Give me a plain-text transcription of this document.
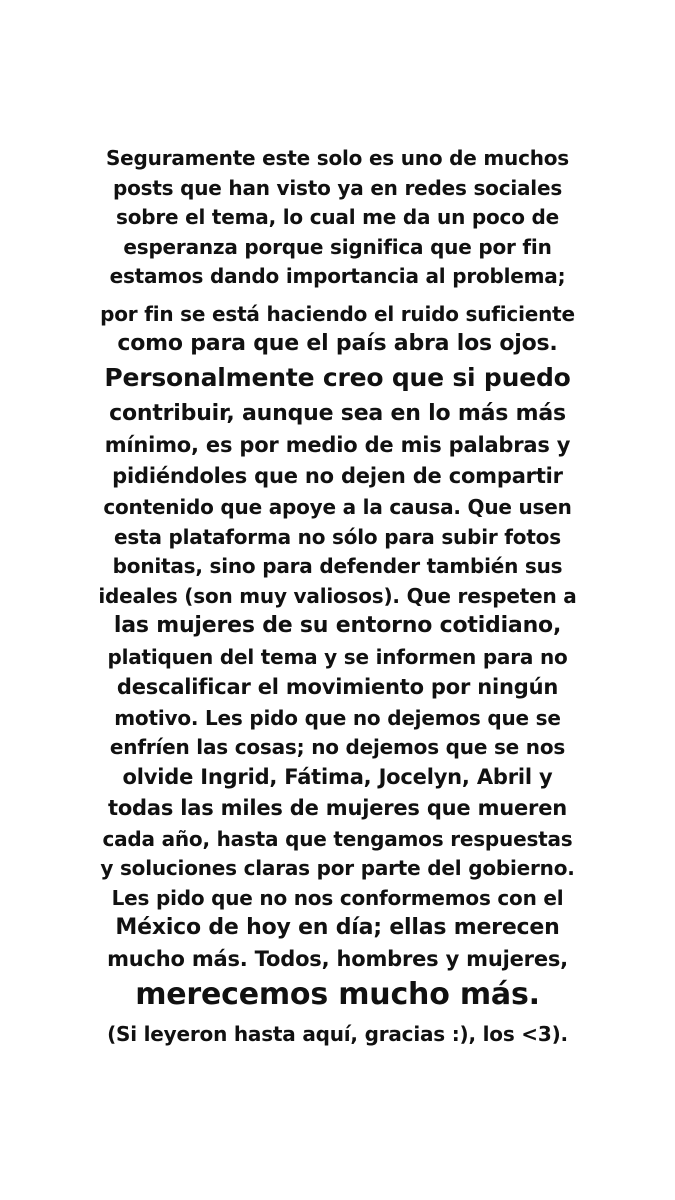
Seguramente este solo es uno de muchos
posts que han visto ya en redes sociales
sobre el tema, lo cual me da un poco de
esperanza porque significa que por fin
estamos dando importancia al problema;
por fin se está haciendo el ruido suficiente
como para que el país abra los ojos.
Personalmente creo que si puedo
contribuir, aunque sea en lo más más
mínimo, es por medio de mis palabras y
pidiéndoles que no dejen de compartir
contenido que apoye a la causa. Que usen
esta plataforma no sólo para subir fotos
bonitas, sino para defender también sus
ideales (son muy valiosos). Que respeten a
las mujeres de su entorno cotidiano,
platiquen del tema y se informen para no
descalificar el movimiento por ningún
motivo. Les pido que no dejemos que se
enfríen las cosas; no dejemos que se nos
olvide Ingrid, Fátima, Jocelyn, Abril y
todas las miles de mujeres que mueren
cada año, hasta que tengamos respuestas
y soluciones claras por parte del gobierno.
Les pido que no nos conformemos con el
México de hoy en día; ellas merecen
mucho más. Todos, hombres y mujeres,
merecemos mucho más.
(Si leyeron hasta aquí, gracias :), los <3).
